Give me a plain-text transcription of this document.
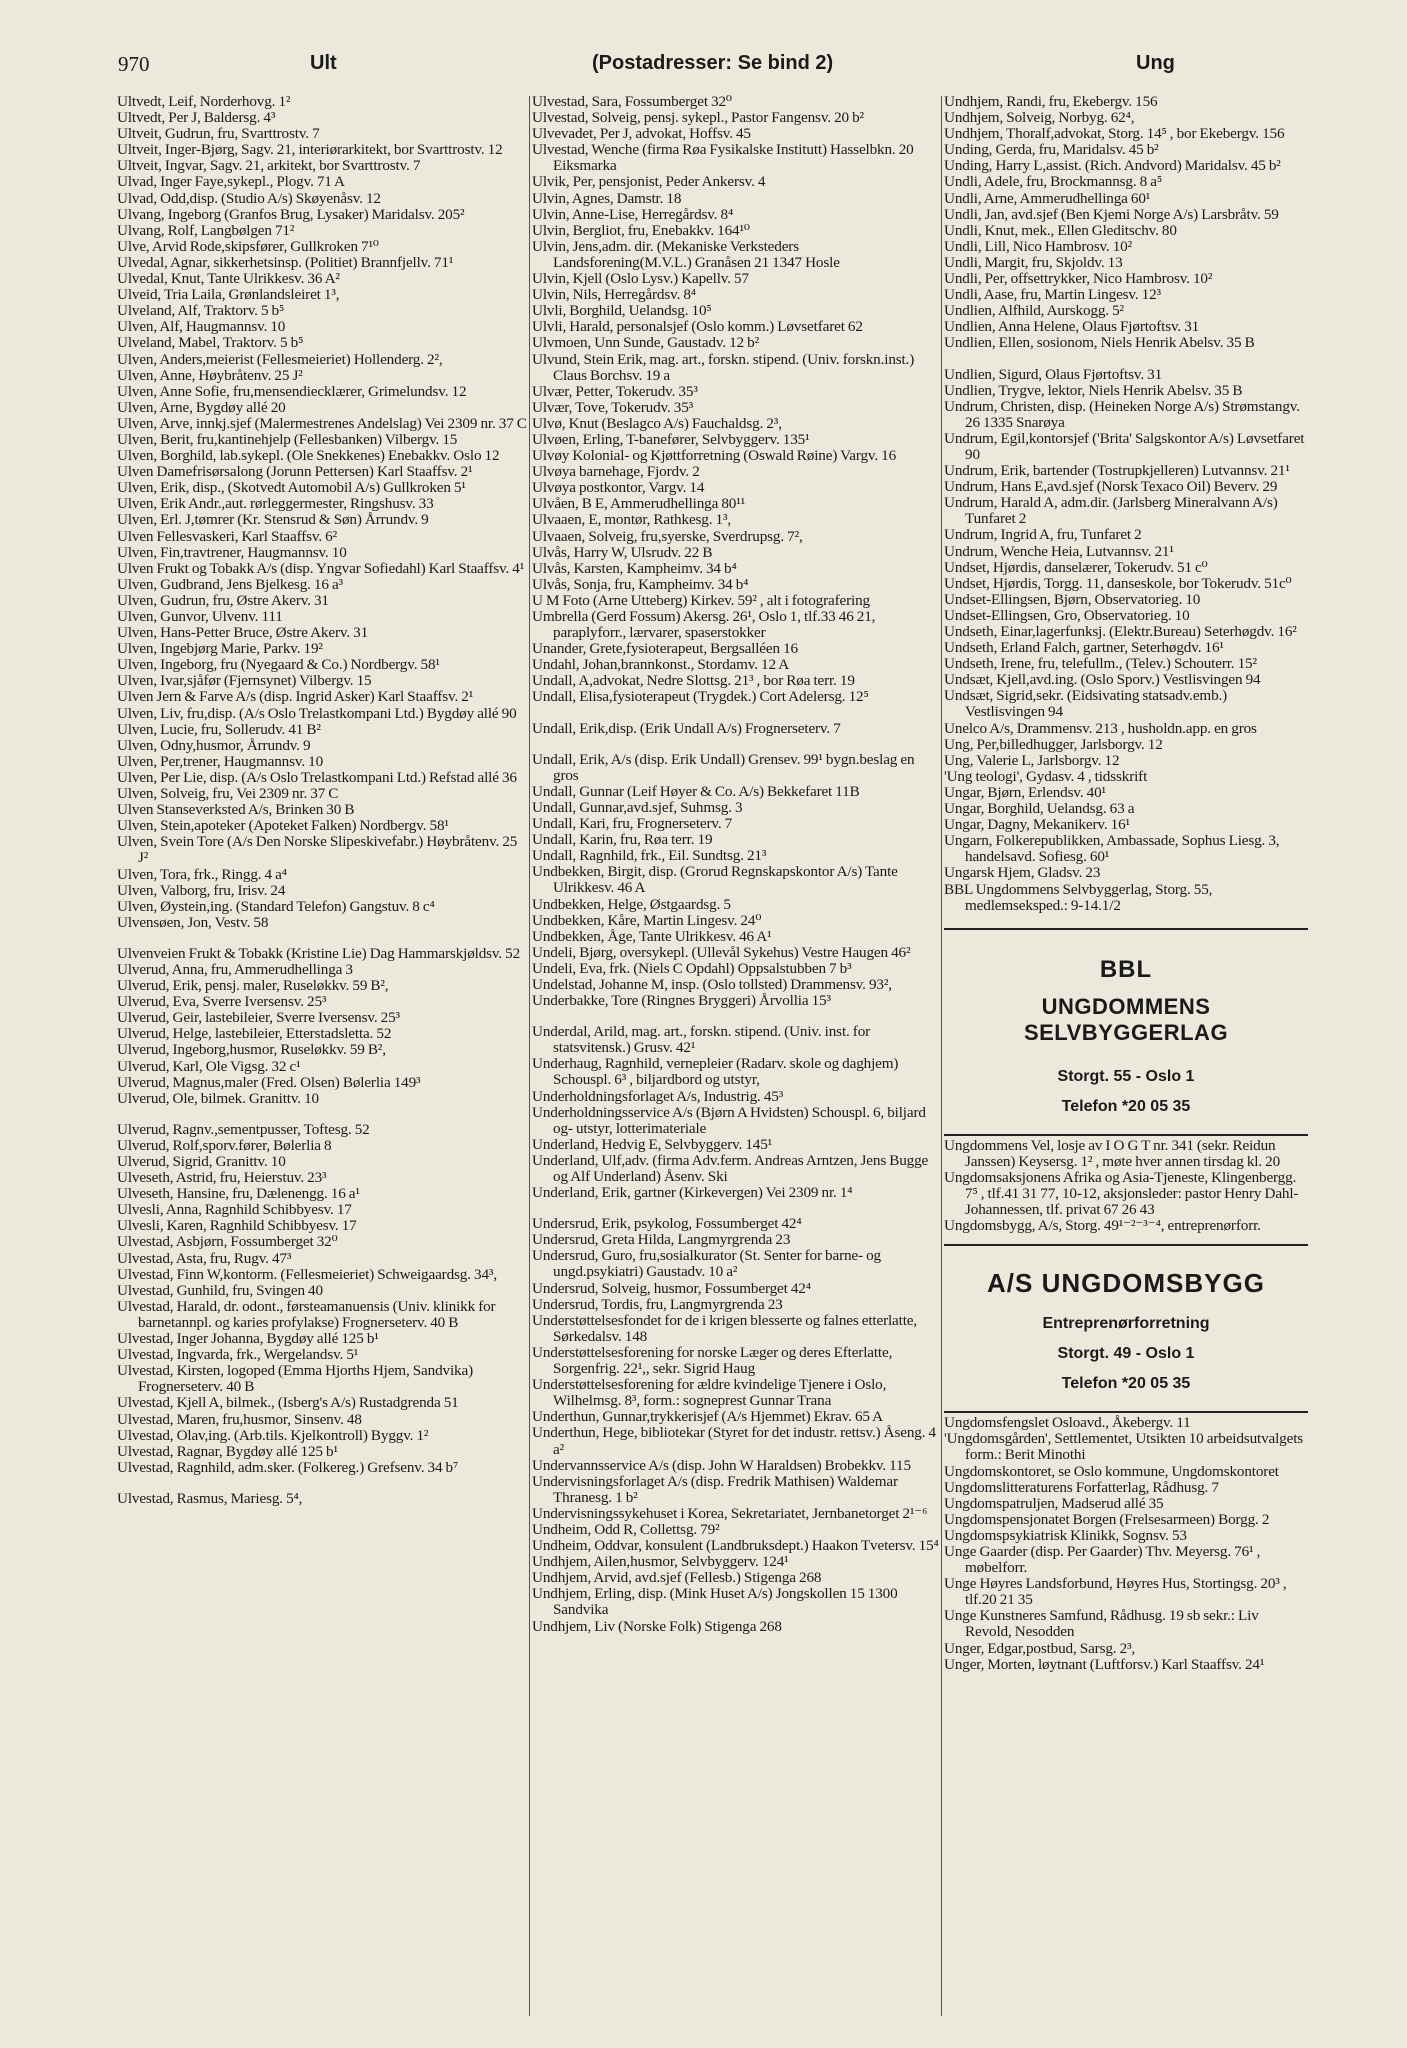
970	Ult	(Postadresser: Se bind 2)	Ung
Ultvedt, Leif, Norderhovg. 1²
Ultvedt, Per J, Baldersg. 4³
Ultveit, Gudrun, fru, Svarttrostv. 7
Ultveit, Inger-Bjørg, Sagv. 21, interiørarkitekt, bor Svarttrostv. 12
Ultveit, Ingvar, Sagv. 21, arkitekt, bor Svarttrostv. 7
Ulvad, Inger Faye,sykepl., Plogv. 71 A
Ulvad, Odd,disp. (Studio A/s) Skøyenåsv. 12
Ulvang, Ingeborg (Granfos Brug, Lysaker) Maridalsv. 205²
Ulvang, Rolf, Langbølgen 71²
Ulve, Arvid Rode,skipsfører, Gullkroken 7¹⁰
Ulvedal, Agnar, sikkerhetsinsp. (Politiet) Brannfjellv. 71¹
Ulvedal, Knut, Tante Ulrikkesv. 36 A²
Ulveid, Tria Laila, Grønlandsleiret 1³,
Ulveland, Alf, Traktorv. 5 b⁵
Ulven, Alf, Haugmannsv. 10
Ulveland, Mabel, Traktorv. 5 b⁵
Ulven, Anders,meierist (Fellesmeieriet) Hollenderg. 2²,
Ulven, Anne, Høybråtenv. 25 J²
Ulven, Anne Sofie, fru,mensendiecklærer, Grimelundsv. 12
Ulven, Arne, Bygdøy allé 20
Ulven, Arve, innkj.sjef (Malermestrenes Andelslag) Vei 2309 nr. 37 C
Ulven, Berit, fru,kantinehjelp (Fellesbanken) Vilbergv. 15
Ulven, Borghild, lab.sykepl. (Ole Snekkenes) Enebakkv. Oslo 12
Ulven Damefrisørsalong (Jorunn Pettersen) Karl Staaffsv. 2¹
Ulven, Erik, disp., (Skotvedt Automobil A/s) Gullkroken 5¹
Ulven, Erik Andr.,aut. rørleggermester, Ringshusv. 33
Ulven, Erl. J,tømrer (Kr. Stensrud & Søn) Årrundv. 9
Ulven Fellesvaskeri, Karl Staaffsv. 6²
Ulven, Fin,travtrener, Haugmannsv. 10
Ulven Frukt og Tobakk A/s (disp. Yngvar Sofiedahl) Karl Staaffsv. 4¹
Ulven, Gudbrand, Jens Bjelkesg. 16 a³
Ulven, Gudrun, fru, Østre Akerv. 31
Ulven, Gunvor, Ulvenv. 111
Ulven, Hans-Petter Bruce, Østre Akerv. 31
Ulven, Ingebjørg Marie, Parkv. 19²
Ulven, Ingeborg, fru (Nyegaard & Co.) Nordbergv. 58¹
Ulven, Ivar,sjåfør (Fjernsynet) Vilbergv. 15
Ulven Jern & Farve A/s (disp. Ingrid Asker) Karl Staaffsv. 2¹
Ulven, Liv, fru,disp. (A/s Oslo Trelastkompani Ltd.) Bygdøy allé 90
Ulven, Lucie, fru, Sollerudv. 41 B²
Ulven, Odny,husmor, Årrundv. 9
Ulven, Per,trener, Haugmannsv. 10
Ulven, Per Lie, disp. (A/s Oslo Trelastkompani Ltd.) Refstad allé 36
Ulven, Solveig, fru, Vei 2309 nr. 37 C
Ulven Stanseverksted A/s, Brinken 30 B
Ulven, Stein,apoteker (Apoteket Falken) Nordbergv. 58¹
Ulven, Svein Tore (A/s Den Norske Slipeskivefabr.) Høybråtenv. 25 J²
Ulven, Tora, frk., Ringg. 4 a⁴
Ulven, Valborg, fru, Irisv. 24
Ulven, Øystein,ing. (Standard Telefon) Gangstuv. 8 c⁴
Ulvensøen, Jon, Vestv. 58
Ulvenveien Frukt & Tobakk (Kristine Lie) Dag Hammarskjøldsv. 52
Ulverud, Anna, fru, Ammerudhellinga 3
Ulverud, Erik, pensj. maler, Ruseløkkv. 59 B²,
Ulverud, Eva, Sverre Iversensv. 25³
Ulverud, Geir, lastebileier, Sverre Iversensv. 25³
Ulverud, Helge, lastebileier, Etterstadsletta. 52
Ulverud, Ingeborg,husmor, Ruseløkkv. 59 B²,
Ulverud, Karl, Ole Vigsg. 32 c¹
Ulverud, Magnus,maler (Fred. Olsen) Bølerlia 149³
Ulverud, Ole, bilmek. Granittv. 10
Ulverud, Ragnv.,sementpusser, Toftesg. 52
Ulverud, Rolf,sporv.fører, Bølerlia 8
Ulverud, Sigrid, Granittv. 10
Ulveseth, Astrid, fru, Heierstuv. 23³
Ulveseth, Hansine, fru, Dælenengg. 16 a¹
Ulvesli, Anna, Ragnhild Schibbyesv. 17
Ulvesli, Karen, Ragnhild Schibbyesv. 17
Ulvestad, Asbjørn, Fossumberget 32⁰
Ulvestad, Asta, fru, Rugv. 47³
Ulvestad, Finn W,kontorm. (Fellesmeieriet) Schweigaardsg. 34³,
Ulvestad, Gunhild, fru, Svingen 40
Ulvestad, Harald, dr. odont., førsteamanuensis (Univ. klinikk for barnetannpl. og karies profylakse) Frognerseterv. 40 B
Ulvestad, Inger Johanna, Bygdøy allé 125 b¹
Ulvestad, Ingvarda, frk., Wergelandsv. 5¹
Ulvestad, Kirsten, logoped (Emma Hjorths Hjem, Sandvika) Frognerseterv. 40 B
Ulvestad, Kjell A, bilmek., (Isberg's A/s) Rustadgrenda 51
Ulvestad, Maren, fru,husmor, Sinsenv. 48
Ulvestad, Olav,ing. (Arb.tils. Kjelkontroll) Byggv. 1²
Ulvestad, Ragnar, Bygdøy allé 125 b¹
Ulvestad, Ragnhild, adm.sker. (Folkereg.) Grefsenv. 34 b⁷
Ulvestad, Rasmus, Mariesg. 5⁴,
Ulvestad, Sara, Fossumberget 32⁰
Ulvestad, Solveig, pensj. sykepl., Pastor Fangensv. 20 b²
Ulvevadet, Per J, advokat, Hoffsv. 45
Ulvestad, Wenche (firma Røa Fysikalske Institutt) Hasselbkn. 20 Eiksmarka
Ulvik, Per, pensjonist, Peder Ankersv. 4
Ulvin, Agnes, Damstr. 18
Ulvin, Anne-Lise, Herregårdsv. 8⁴
Ulvin, Bergliot, fru, Enebakkv. 164¹⁰
Ulvin, Jens,adm. dir. (Mekaniske Verksteders Landsforening(M.V.L.) Granåsen 21 1347 Hosle
Ulvin, Kjell (Oslo Lysv.) Kapellv. 57
Ulvin, Nils, Herregårdsv. 8⁴
Ulvli, Borghild, Uelandsg. 10⁵
Ulvli, Harald, personalsjef (Oslo komm.) Løvsetfaret 62
Ulvmoen, Unn Sunde, Gaustadv. 12 b²
Ulvund, Stein Erik, mag. art., forskn. stipend. (Univ. forskn.inst.) Claus Borchsv. 19 a
Ulvær, Petter, Tokerudv. 35³
Ulvær, Tove, Tokerudv. 35³
Ulvø, Knut (Beslagco A/s) Fauchaldsg. 2³,
Ulvøen, Erling, T-banefører, Selvbyggerv. 135¹
Ulvøy Kolonial- og Kjøttforretning (Oswald Røine) Vargv. 16
Ulvøya barnehage, Fjordv. 2
Ulvøya postkontor, Vargv. 14
Ulvåen, B E, Ammerudhellinga 80¹¹
Ulvaaen, E, montør, Rathkesg. 1³,
Ulvaaen, Solveig, fru,syerske, Sverdrupsg. 7²,
Ulvås, Harry W, Ulsrudv. 22 B
Ulvås, Karsten, Kampheimv. 34 b⁴
Ulvås, Sonja, fru, Kampheimv. 34 b⁴
U M Foto (Arne Utteberg) Kirkev. 59² , alt i fotografering
Umbrella (Gerd Fossum) Akersg. 26¹, Oslo 1, tlf.33 46 21, paraplyforr., lærvarer, spaserstokker
Unander, Grete,fysioterapeut, Bergsalléen 16
Undahl, Johan,brannkonst., Stordamv. 12 A
Undall, A,advokat, Nedre Slottsg. 21³ , bor Røa terr. 19
Undall, Elisa,fysioterapeut (Trygdek.) Cort Adelersg. 12⁵
Undall, Erik,disp. (Erik Undall A/s) Frognerseterv. 7
Undall, Erik, A/s (disp. Erik Undall) Grensev. 99¹ bygn.beslag en gros
Undall, Gunnar (Leif Høyer & Co. A/s) Bekkefaret 11B
Undall, Gunnar,avd.sjef, Suhmsg. 3
Undall, Kari, fru, Frognerseterv. 7
Undall, Karin, fru, Røa terr. 19
Undall, Ragnhild, frk., Eil. Sundtsg. 21³
Undbekken, Birgit, disp. (Grorud Regnskapskontor A/s) Tante Ulrikkesv. 46 A
Undbekken, Helge, Østgaardsg. 5
Undbekken, Kåre, Martin Lingesv. 24⁰
Undbekken, Åge, Tante Ulrikkesv. 46 A¹
Undeli, Bjørg, oversykepl. (Ullevål Sykehus) Vestre Haugen 46²
Undeli, Eva, frk. (Niels C Opdahl) Oppsalstubben 7 b³
Undelstad, Johanne M, insp. (Oslo tollsted) Drammensv. 93²,
Underbakke, Tore (Ringnes Bryggeri) Årvollia 15³
Underdal, Arild, mag. art., forskn. stipend. (Univ. inst. for statsvitensk.) Grusv. 42¹
Underhaug, Ragnhild, vernepleier (Radarv. skole og daghjem) Schouspl. 6³ , biljardbord og utstyr,
Underholdningsforlaget A/s, Industrig. 45³
Underholdningsservice A/s (Bjørn A Hvidsten) Schouspl. 6, biljard og- utstyr, lotterimateriale
Underland, Hedvig E, Selvbyggerv. 145¹
Underland, Ulf,adv. (firma Adv.ferm. Andreas Arntzen, Jens Bugge og Alf Underland) Åsenv. Ski
Underland, Erik, gartner (Kirkevergen) Vei 2309 nr. 1⁴
Undersrud, Erik, psykolog, Fossumberget 42⁴
Undersrud, Greta Hilda, Langmyrgrenda 23
Undersrud, Guro, fru,sosialkurator (St. Senter for barne- og ungd.psykiatri) Gaustadv. 10 a²
Undersrud, Solveig, husmor, Fossumberget 42⁴
Undersrud, Tordis, fru, Langmyrgrenda 23
Understøttelsesfondet for de i krigen blesserte og falnes etterlatte, Sørkedalsv. 148
Understøttelsesforening for norske Læger og deres Efterlatte, Sorgenfrig. 22¹,, sekr. Sigrid Haug
Understøttelsesforening for ældre kvindelige Tjenere i Oslo, Wilhelmsg. 8³, form.: sogneprest Gunnar Trana
Underthun, Gunnar,trykkerisjef (A/s Hjemmet) Ekrav. 65 A
Underthun, Hege, bibliotekar (Styret for det industr. rettsv.) Åseng. 4 a²
Undervannsservice A/s (disp. John W Haraldsen) Brobekkv. 115
Undervisningsforlaget A/s (disp. Fredrik Mathisen) Waldemar Thranesg. 1 b²
Undervisningssykehuset i Korea, Sekretariatet, Jernbanetorget 2¹⁻⁶
Undheim, Odd R, Collettsg. 79²
Undheim, Oddvar, konsulent (Landbruksdept.) Haakon Tvetersv. 15⁴
Undhjem, Ailen,husmor, Selvbyggerv. 124¹
Undhjem, Arvid, avd.sjef (Fellesb.) Stigenga 268
Undhjem, Erling, disp. (Mink Huset A/s) Jongskollen 15 1300 Sandvika
Undhjem, Liv (Norske Folk) Stigenga 268
Undhjem, Randi, fru, Ekebergv. 156
Undhjem, Solveig, Norbyg. 62⁴,
Undhjem, Thoralf,advokat, Storg. 14⁵ , bor Ekebergv. 156
Unding, Gerda, fru, Maridalsv. 45 b²
Unding, Harry L,assist. (Rich. Andvord) Maridalsv. 45 b²
Undli, Adele, fru, Brockmannsg. 8 a⁵
Undli, Arne, Ammerudhellinga 60¹
Undli, Jan, avd.sjef (Ben Kjemi Norge A/s) Larsbråtv. 59
Undli, Knut, mek., Ellen Gleditschv. 80
Undli, Lill, Nico Hambrosv. 10²
Undli, Margit, fru, Skjoldv. 13
Undli, Per, offsettrykker, Nico Hambrosv. 10²
Undli, Aase, fru, Martin Lingesv. 12³
Undlien, Alfhild, Aurskogg. 5²
Undlien, Anna Helene, Olaus Fjørtoftsv. 31
Undlien, Ellen, sosionom, Niels Henrik Abelsv. 35 B
Undlien, Sigurd, Olaus Fjørtoftsv. 31
Undlien, Trygve, lektor, Niels Henrik Abelsv. 35 B
Undrum, Christen, disp. (Heineken Norge A/s) Strømstangv. 26 1335 Snarøya
Undrum, Egil,kontorsjef ('Brita' Salgskontor A/s) Løvsetfaret 90
Undrum, Erik, bartender (Tostrupkjelleren) Lutvannsv. 21¹
Undrum, Hans E,avd.sjef (Norsk Texaco Oil) Beverv. 29
Undrum, Harald A, adm.dir. (Jarlsberg Mineralvann A/s) Tunfaret 2
Undrum, Ingrid A, fru, Tunfaret 2
Undrum, Wenche Heia, Lutvannsv. 21¹
Undset, Hjørdis, danselærer, Tokerudv. 51 c⁰
Undset, Hjørdis, Torgg. 11, danseskole, bor Tokerudv. 51c⁰
Undset-Ellingsen, Bjørn, Observatorieg. 10
Undset-Ellingsen, Gro, Observatorieg. 10
Undseth, Einar,lagerfunksj. (Elektr.Bureau) Seterhøgdv. 16²
Undseth, Erland Falch, gartner, Seterhøgdv. 16¹
Undseth, Irene, fru, telefullm., (Telev.) Schouterr. 15²
Undsæt, Kjell,avd.ing. (Oslo Sporv.) Vestlisvingen 94
Undsæt, Sigrid,sekr. (Eidsivating statsadv.emb.) Vestlisvingen 94
Unelco A/s, Drammensv. 213 , husholdn.app. en gros
Ung, Per,billedhugger, Jarlsborgv. 12
Ung, Valerie L, Jarlsborgv. 12
'Ung teologi', Gydasv. 4 , tidsskrift
Ungar, Bjørn, Erlendsv. 40¹
Ungar, Borghild, Uelandsg. 63 a
Ungar, Dagny, Mekanikerv. 16¹
Ungarn, Folkerepublikken, Ambassade, Sophus Liesg. 3, handelsavd. Sofiesg. 60¹
Ungarsk Hjem, Gladsv. 23
BBL Ungdommens Selvbyggerlag, Storg. 55, medlemseksped.: 9-14.1/2
BBL
UNGDOMMENS SELVBYGGERLAG
Storgt. 55 - Oslo 1
Telefon *20 05 35
Ungdommens Vel, losje av I O G T nr. 341 (sekr. Reidun Janssen) Keysersg. 1² , møte hver annen tirsdag kl. 20
Ungdomsaksjonens Afrika og Asia-Tjeneste, Klingenbergg. 7⁵ , tlf.41 31 77, 10-12, aksjonsleder: pastor Henry Dahl-Johannessen, tlf. privat 67 26 43
Ungdomsbygg, A/s, Storg. 49¹⁻²⁻³⁻⁴, entreprenørforr.
A/S UNGDOMSBYGG
Entreprenørforretning
Storgt. 49 - Oslo 1
Telefon *20 05 35
Ungdomsfengslet Osloavd., Åkebergv. 11
'Ungdomsgården', Settlementet, Utsikten 10 arbeidsutvalgets form.: Berit Minothi
Ungdomskontoret, se Oslo kommune, Ungdomskontoret
Ungdomslitteraturens Forfatterlag, Rådhusg. 7
Ungdomspatruljen, Madserud allé 35
Ungdomspensjonatet Borgen (Frelsesarmeen) Borgg. 2
Ungdomspsykiatrisk Klinikk, Sognsv. 53
Unge Gaarder (disp. Per Gaarder) Thv. Meyersg. 76¹ , møbelforr.
Unge Høyres Landsforbund, Høyres Hus, Stortingsg. 20³ , tlf.20 21 35
Unge Kunstneres Samfund, Rådhusg. 19 sb sekr.: Liv Revold, Nesodden
Unger, Edgar,postbud, Sarsg. 2³,
Unger, Morten, løytnant (Luftforsv.) Karl Staaffsv. 24¹
